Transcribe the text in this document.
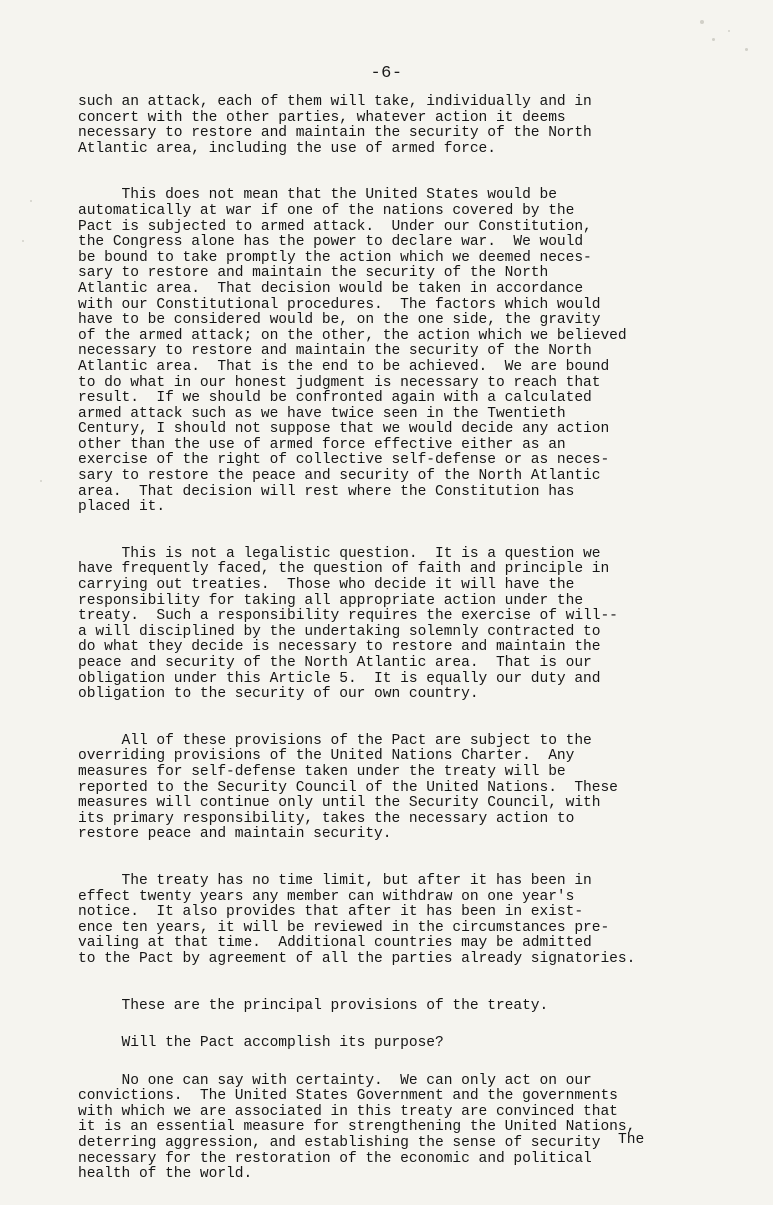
-6-
such an attack, each of them will take, individually and in
concert with the other parties, whatever action it deems
necessary to restore and maintain the security of the North
Atlantic area, including the use of armed force.
This does not mean that the United States would be
automatically at war if one of the nations covered by the
Pact is subjected to armed attack.  Under our Constitution,
the Congress alone has the power to declare war.  We would
be bound to take promptly the action which we deemed neces-
sary to restore and maintain the security of the North
Atlantic area.  That decision would be taken in accordance
with our Constitutional procedures.  The factors which would
have to be considered would be, on the one side, the gravity
of the armed attack; on the other, the action which we believed
necessary to restore and maintain the security of the North
Atlantic area.  That is the end to be achieved.  We are bound
to do what in our honest judgment is necessary to reach that
result.  If we should be confronted again with a calculated
armed attack such as we have twice seen in the Twentieth
Century, I should not suppose that we would decide any action
other than the use of armed force effective either as an
exercise of the right of collective self-defense or as neces-
sary to restore the peace and security of the North Atlantic
area.  That decision will rest where the Constitution has
placed it.
This is not a legalistic question.  It is a question we
have frequently faced, the question of faith and principle in
carrying out treaties.  Those who decide it will have the
responsibility for taking all appropriate action under the
treaty.  Such a responsibility requires the exercise of will--
a will disciplined by the undertaking solemnly contracted to
do what they decide is necessary to restore and maintain the
peace and security of the North Atlantic area.  That is our
obligation under this Article 5.  It is equally our duty and
obligation to the security of our own country.
All of these provisions of the Pact are subject to the
overriding provisions of the United Nations Charter.  Any
measures for self-defense taken under the treaty will be
reported to the Security Council of the United Nations.  These
measures will continue only until the Security Council, with
its primary responsibility, takes the necessary action to
restore peace and maintain security.
The treaty has no time limit, but after it has been in
effect twenty years any member can withdraw on one year's
notice.  It also provides that after it has been in exist-
ence ten years, it will be reviewed in the circumstances pre-
vailing at that time.  Additional countries may be admitted
to the Pact by agreement of all the parties already signatories.
These are the principal provisions of the treaty.
Will the Pact accomplish its purpose?
No one can say with certainty.  We can only act on our
convictions.  The United States Government and the governments
with which we are associated in this treaty are convinced that
it is an essential measure for strengthening the United Nations,
deterring aggression, and establishing the sense of security
necessary for the restoration of the economic and political
health of the world.
The
